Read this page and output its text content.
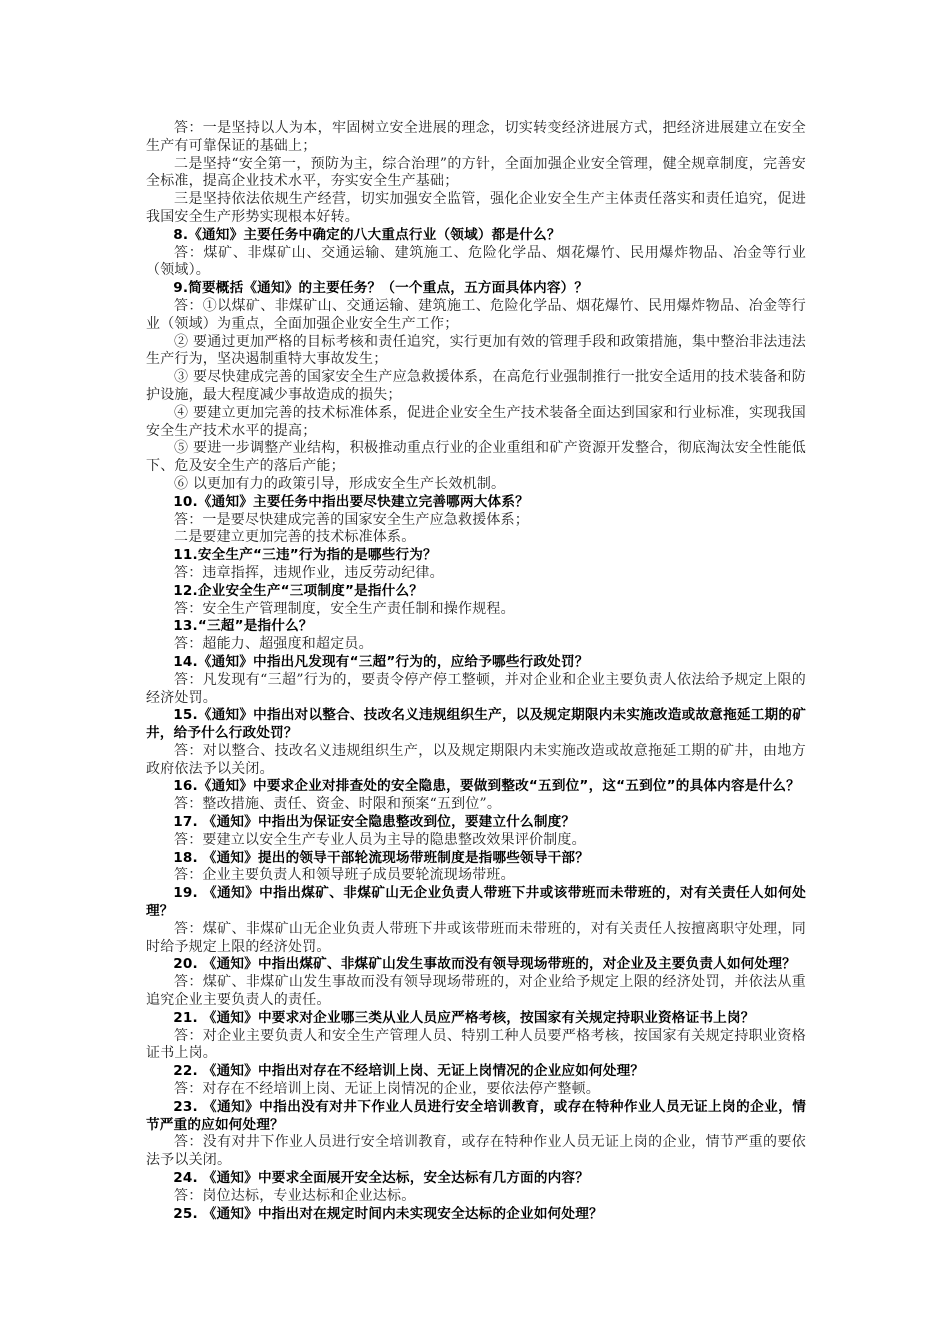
答：一是坚持以人为本，牢固树立安全进展的理念，切实转变经济进展方式，把经济进展建立在安全生产有可靠保证的基础上；

二是坚持“安全第一，预防为主，综合治理”的方针，全面加强企业安全管理，健全规章制度，完善安全标准，提高企业技术水平，夯实安全生产基础；

三是坚持依法依规生产经营，切实加强安全监管，强化企业安全生产主体责任落实和责任追究，促进我国安全生产形势实现根本好转。

8.《通知》主要任务中确定的八大重点行业（领域）都是什么？

答：煤矿、非煤矿山、交通运输、建筑施工、危险化学品、烟花爆竹、民用爆炸物品、冶金等行业（领域）。

9.简要概括《通知》的主要任务？（一个重点，五方面具体内容）？

答：①以煤矿、非煤矿山、交通运输、建筑施工、危险化学品、烟花爆竹、民用爆炸物品、冶金等行业（领域）为重点，全面加强企业安全生产工作；

② 要通过更加严格的目标考核和责任追究，实行更加有效的管理手段和政策措施，集中整治非法违法生产行为，坚决遏制重特大事故发生；

③ 要尽快建成完善的国家安全生产应急救援体系，在高危行业强制推行一批安全适用的技术装备和防护设施，最大程度减少事故造成的损失；

④ 要建立更加完善的技术标准体系，促进企业安全生产技术装备全面达到国家和行业标准，实现我国安全生产技术水平的提高；

⑤ 要进一步调整产业结构，积极推动重点行业的企业重组和矿产资源开发整合，彻底淘汰安全性能低下、危及安全生产的落后产能；

⑥ 以更加有力的政策引导，形成安全生产长效机制。

10.《通知》主要任务中指出要尽快建立完善哪两大体系？

答：一是要尽快建成完善的国家安全生产应急救援体系；

二是要建立更加完善的技术标准体系。

11.安全生产“三违”行为指的是哪些行为？

答：违章指挥，违规作业，违反劳动纪律。

12.企业安全生产“三项制度”是指什么？

答：安全生产管理制度，安全生产责任制和操作规程。

13.“三超”是指什么？

答：超能力、超强度和超定员。

14.《通知》中指出凡发现有“三超”行为的，应给予哪些行政处罚？

答：凡发现有“三超”行为的，要责令停产停工整顿，并对企业和企业主要负责人依法给予规定上限的经济处罚。

15.《通知》中指出对以整合、技改名义违规组织生产，以及规定期限内未实施改造或故意拖延工期的矿井，给予什么行政处罚？

答：对以整合、技改名义违规组织生产，以及规定期限内未实施改造或故意拖延工期的矿井，由地方政府依法予以关闭。

16.《通知》中要求企业对排查处的安全隐患，要做到整改“五到位”，这“五到位”的具体内容是什么？

答：整改措施、责任、资金、时限和预案“五到位”。

17. 《通知》中指出为保证安全隐患整改到位，要建立什么制度？

答：要建立以安全生产专业人员为主导的隐患整改效果评价制度。

18. 《通知》提出的领导干部轮流现场带班制度是指哪些领导干部？

答：企业主要负责人和领导班子成员要轮流现场带班。

19. 《通知》中指出煤矿、非煤矿山无企业负责人带班下井或该带班而未带班的，对有关责任人如何处理？

答：煤矿、非煤矿山无企业负责人带班下井或该带班而未带班的，对有关责任人按擅离职守处理，同时给予规定上限的经济处罚。

20. 《通知》中指出煤矿、非煤矿山发生事故而没有领导现场带班的，对企业及主要负责人如何处理？

答：煤矿、非煤矿山发生事故而没有领导现场带班的，对企业给予规定上限的经济处罚，并依法从重追究企业主要负责人的责任。

21. 《通知》中要求对企业哪三类从业人员应严格考核，按国家有关规定持职业资格证书上岗？

答：对企业主要负责人和安全生产管理人员、特别工种人员要严格考核，按国家有关规定持职业资格证书上岗。

22. 《通知》中指出对存在不经培训上岗、无证上岗情况的企业应如何处理？

答：对存在不经培训上岗、无证上岗情况的企业，要依法停产整顿。

23. 《通知》中指出没有对井下作业人员进行安全培训教育，或存在特种作业人员无证上岗的企业，情节严重的应如何处理？

答：没有对井下作业人员进行安全培训教育，或存在特种作业人员无证上岗的企业，情节严重的要依法予以关闭。

24. 《通知》中要求全面展开安全达标，安全达标有几方面的内容？

答：岗位达标，专业达标和企业达标。

25. 《通知》中指出对在规定时间内未实现安全达标的企业如何处理？
